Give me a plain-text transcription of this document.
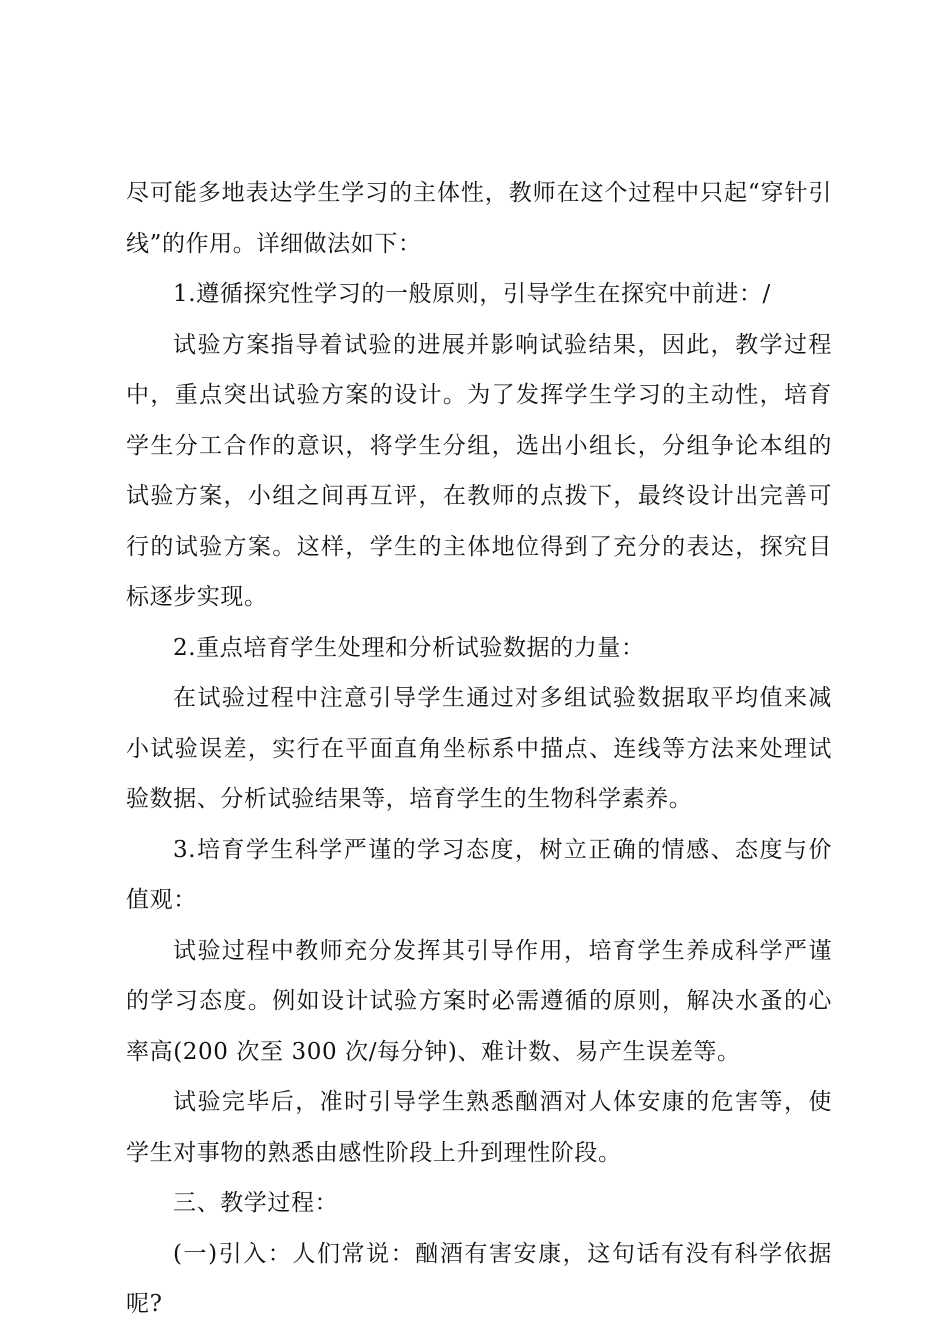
尽可能多地表达学生学习的主体性，教师在这个过程中只起“穿针引线”的作用。详细做法如下：

1.遵循探究性学习的一般原则，引导学生在探究中前进：/

试验方案指导着试验的进展并影响试验结果，因此，教学过程中，重点突出试验方案的设计。为了发挥学生学习的主动性，培育学生分工合作的意识，将学生分组，选出小组长，分组争论本组的试验方案，小组之间再互评，在教师的点拨下，最终设计出完善可行的试验方案。这样，学生的主体地位得到了充分的表达，探究目标逐步实现。

2.重点培育学生处理和分析试验数据的力量：

在试验过程中注意引导学生通过对多组试验数据取平均值来减小试验误差，实行在平面直角坐标系中描点、连线等方法来处理试验数据、分析试验结果等，培育学生的生物科学素养。

3.培育学生科学严谨的学习态度，树立正确的情感、态度与价值观：

试验过程中教师充分发挥其引导作用，培育学生养成科学严谨的学习态度。例如设计试验方案时必需遵循的原则，解决水蚤的心率高(200 次至 300 次/每分钟)、难计数、易产生误差等。

试验完毕后，准时引导学生熟悉酗酒对人体安康的危害等，使学生对事物的熟悉由感性阶段上升到理性阶段。

三、教学过程：

(一)引入：人们常说：酗酒有害安康，这句话有没有科学依据呢?
